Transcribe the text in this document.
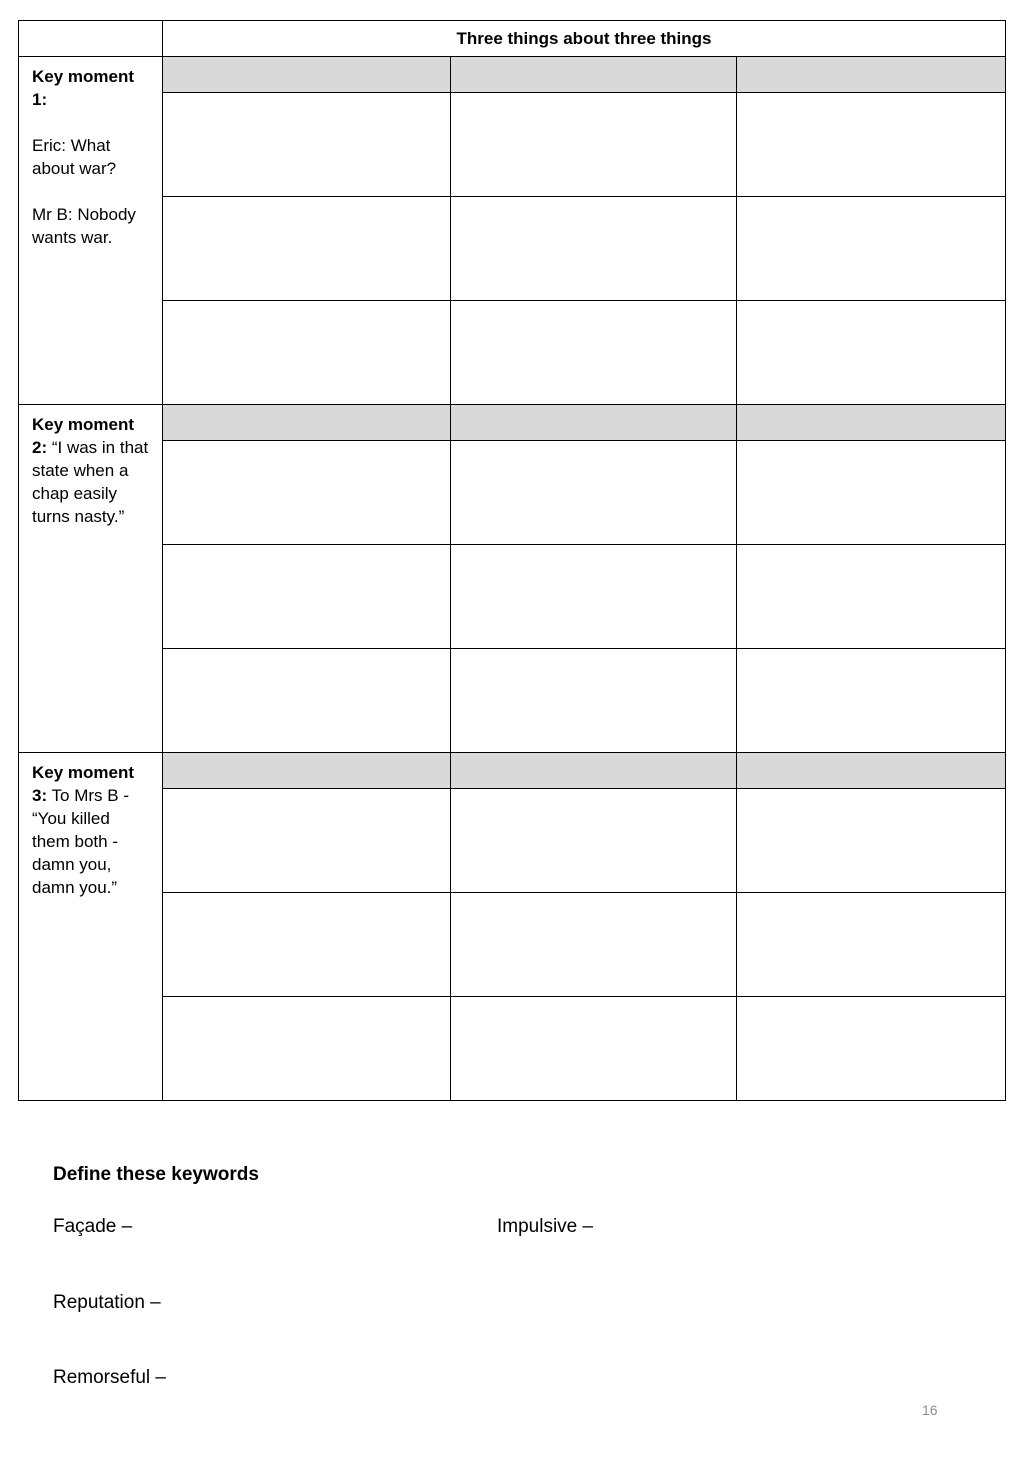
	Three things about three things		

Key moment 1:
Eric: What about war?
Mr B: Nobody wants war.			

Key moment 2: “I was in that state when a chap easily turns nasty.”			

Key moment 3: To Mrs B - “You killed them both - damn you, damn you.”			

Define these keywords
Façade –	Impulsive –
Reputation –
Remorseful –
16
